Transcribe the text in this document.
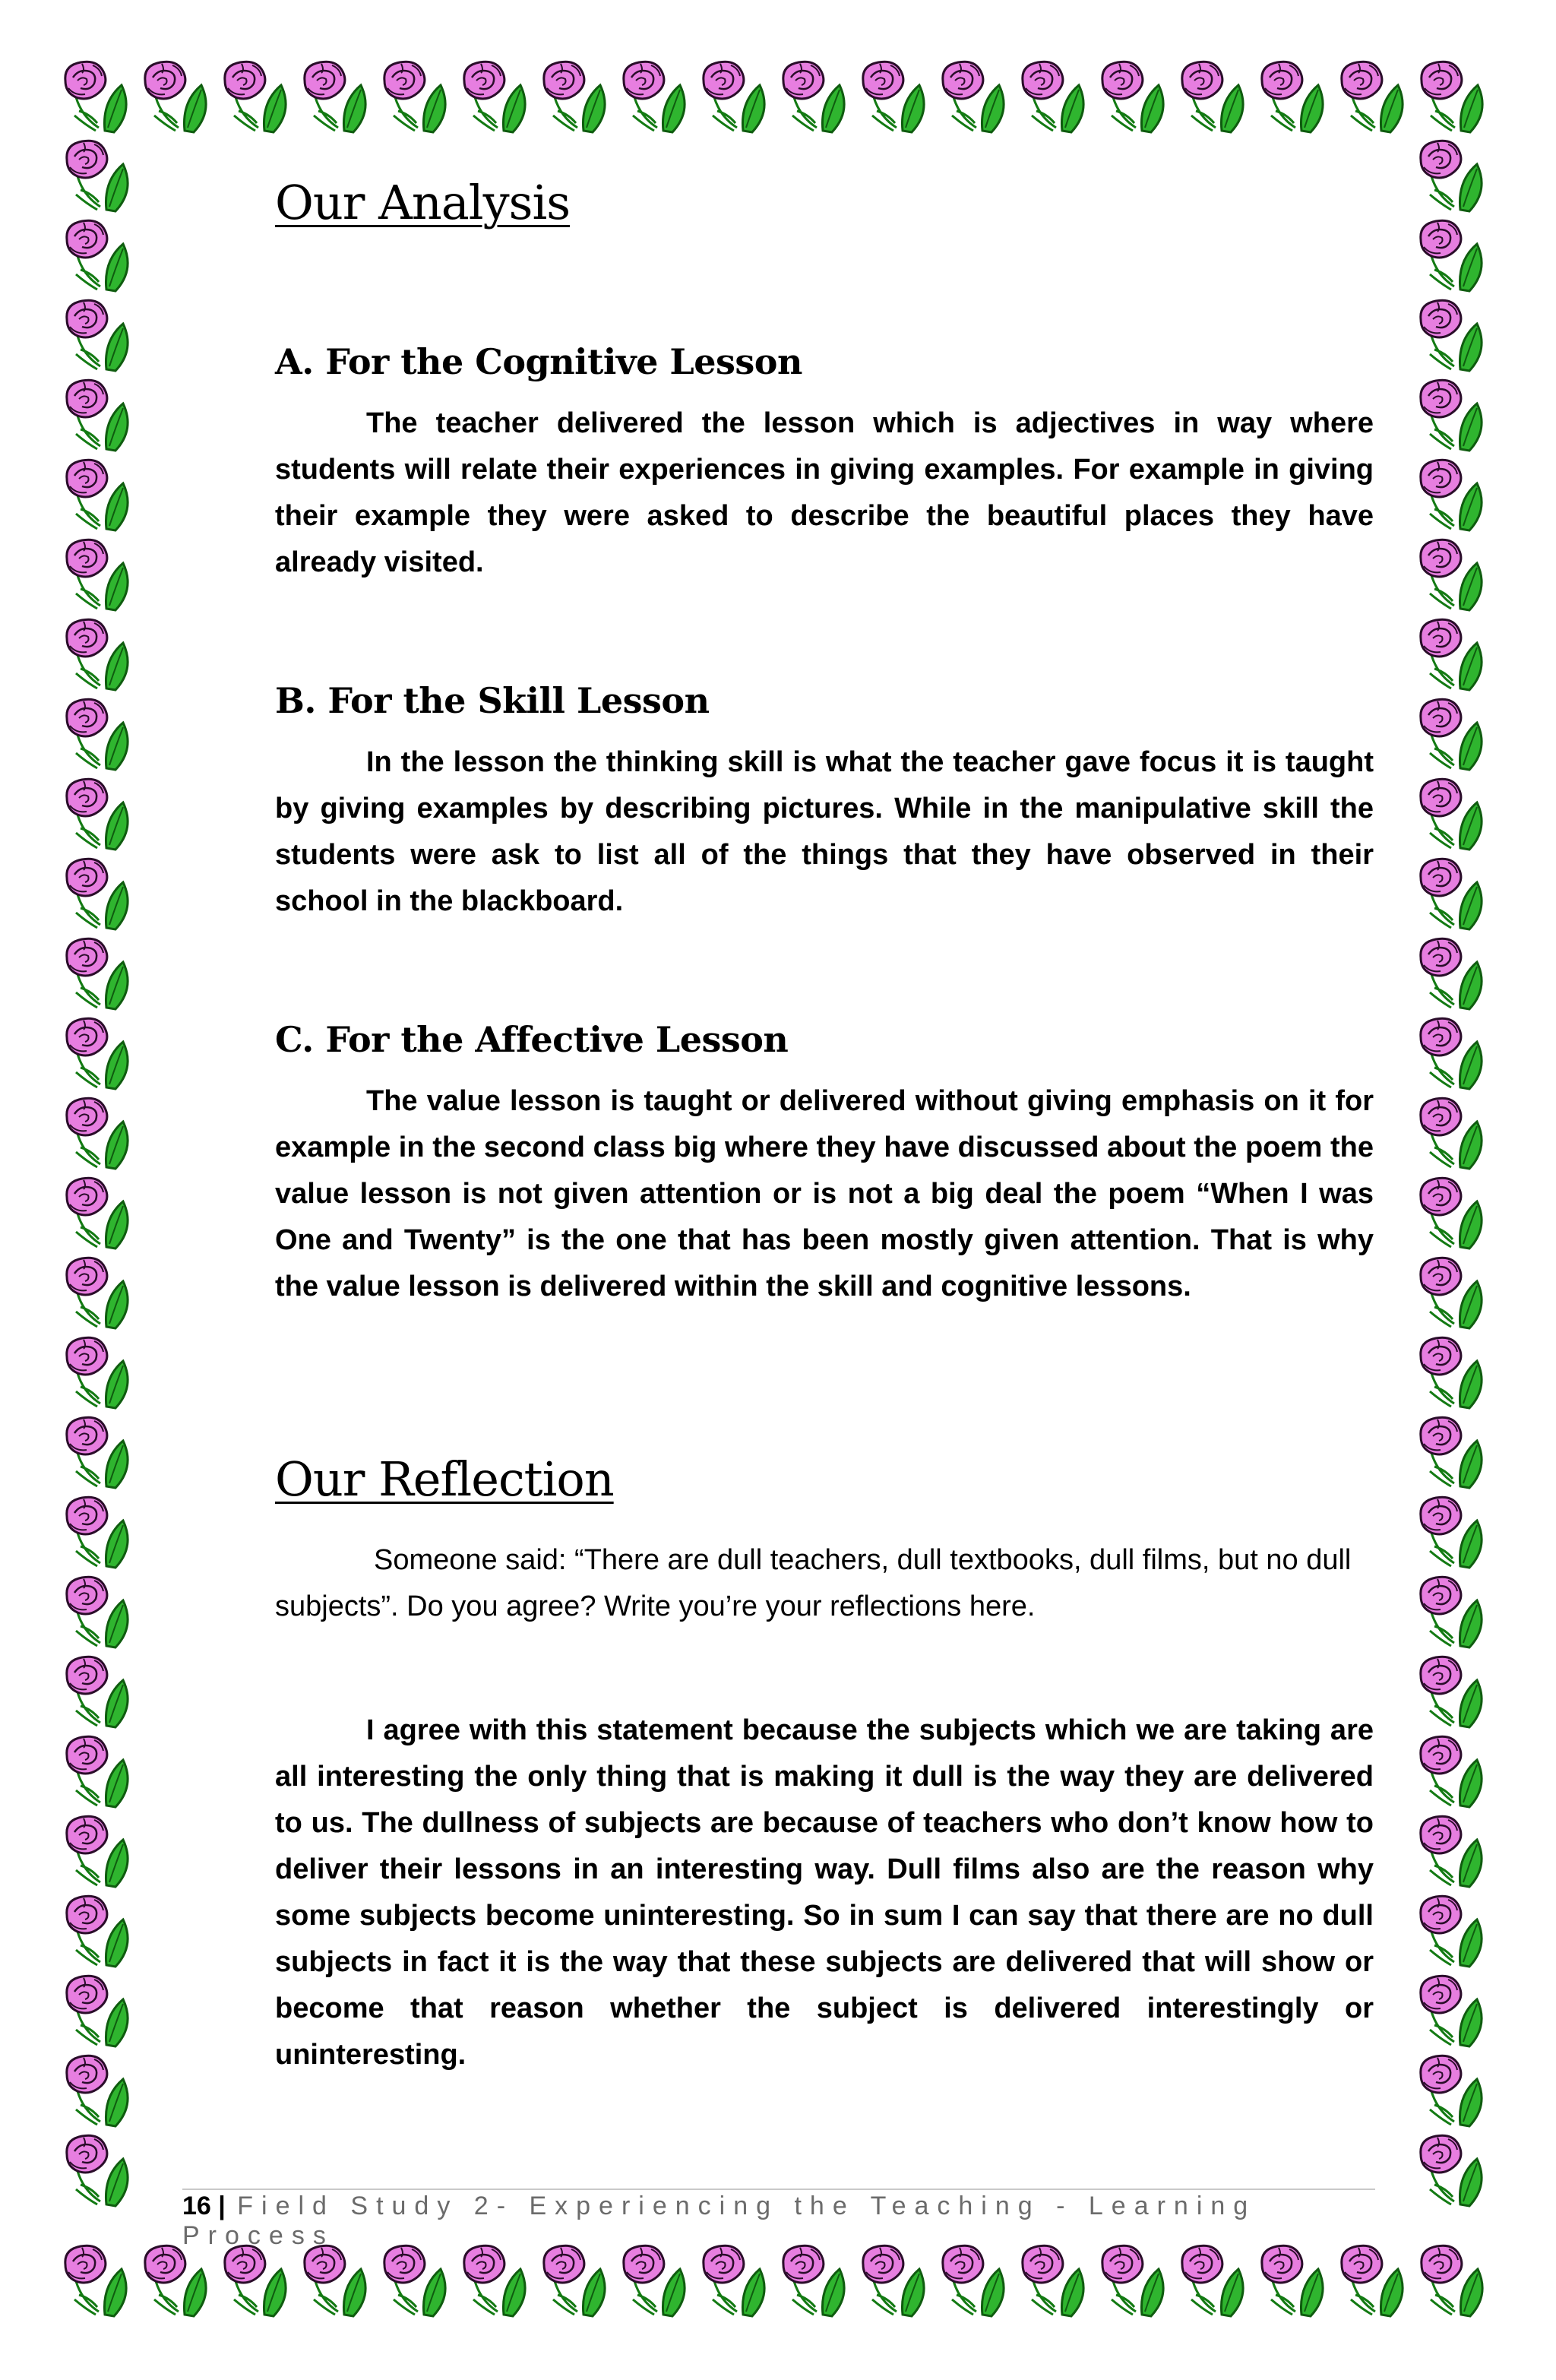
Our Analysis
A. For the Cognitive Lesson

The teacher delivered the lesson which is adjectives in way where students will relate their experiences in giving examples. For example in giving their example they were asked to describe the beautiful places they have already visited.

B. For the Skill Lesson

In the lesson the thinking skill is what the teacher gave focus it is taught by giving examples by describing pictures. While in the manipulative skill the students were ask to list all of the things that they have observed in their school in the blackboard.

C. For the Affective Lesson

The value lesson is taught or delivered without giving emphasis on it for example in the second class big where they have discussed about the poem the value lesson is not given attention or is not a big deal the poem “When I was One and Twenty” is the one that has been mostly given attention. That is why the value lesson is delivered within the skill and cognitive lessons.

Our Reflection

Someone said: “There are dull teachers, dull textbooks, dull films, but no dull subjects”. Do you agree? Write you’re your reflections here.

I agree with this statement because the subjects which we are taking are all interesting the only thing that is making it dull is the way they are delivered to us. The dullness of subjects are because of teachers who don’t know how to deliver their lessons in an interesting way. Dull films also are the reason why some subjects become uninteresting. So in sum I can say that there are no dull subjects in fact it is the way that these subjects are delivered that will show or become that reason whether the subject is delivered interestingly or uninteresting.

16 | Field Study 2- Experiencing the Teaching - Learning Process
